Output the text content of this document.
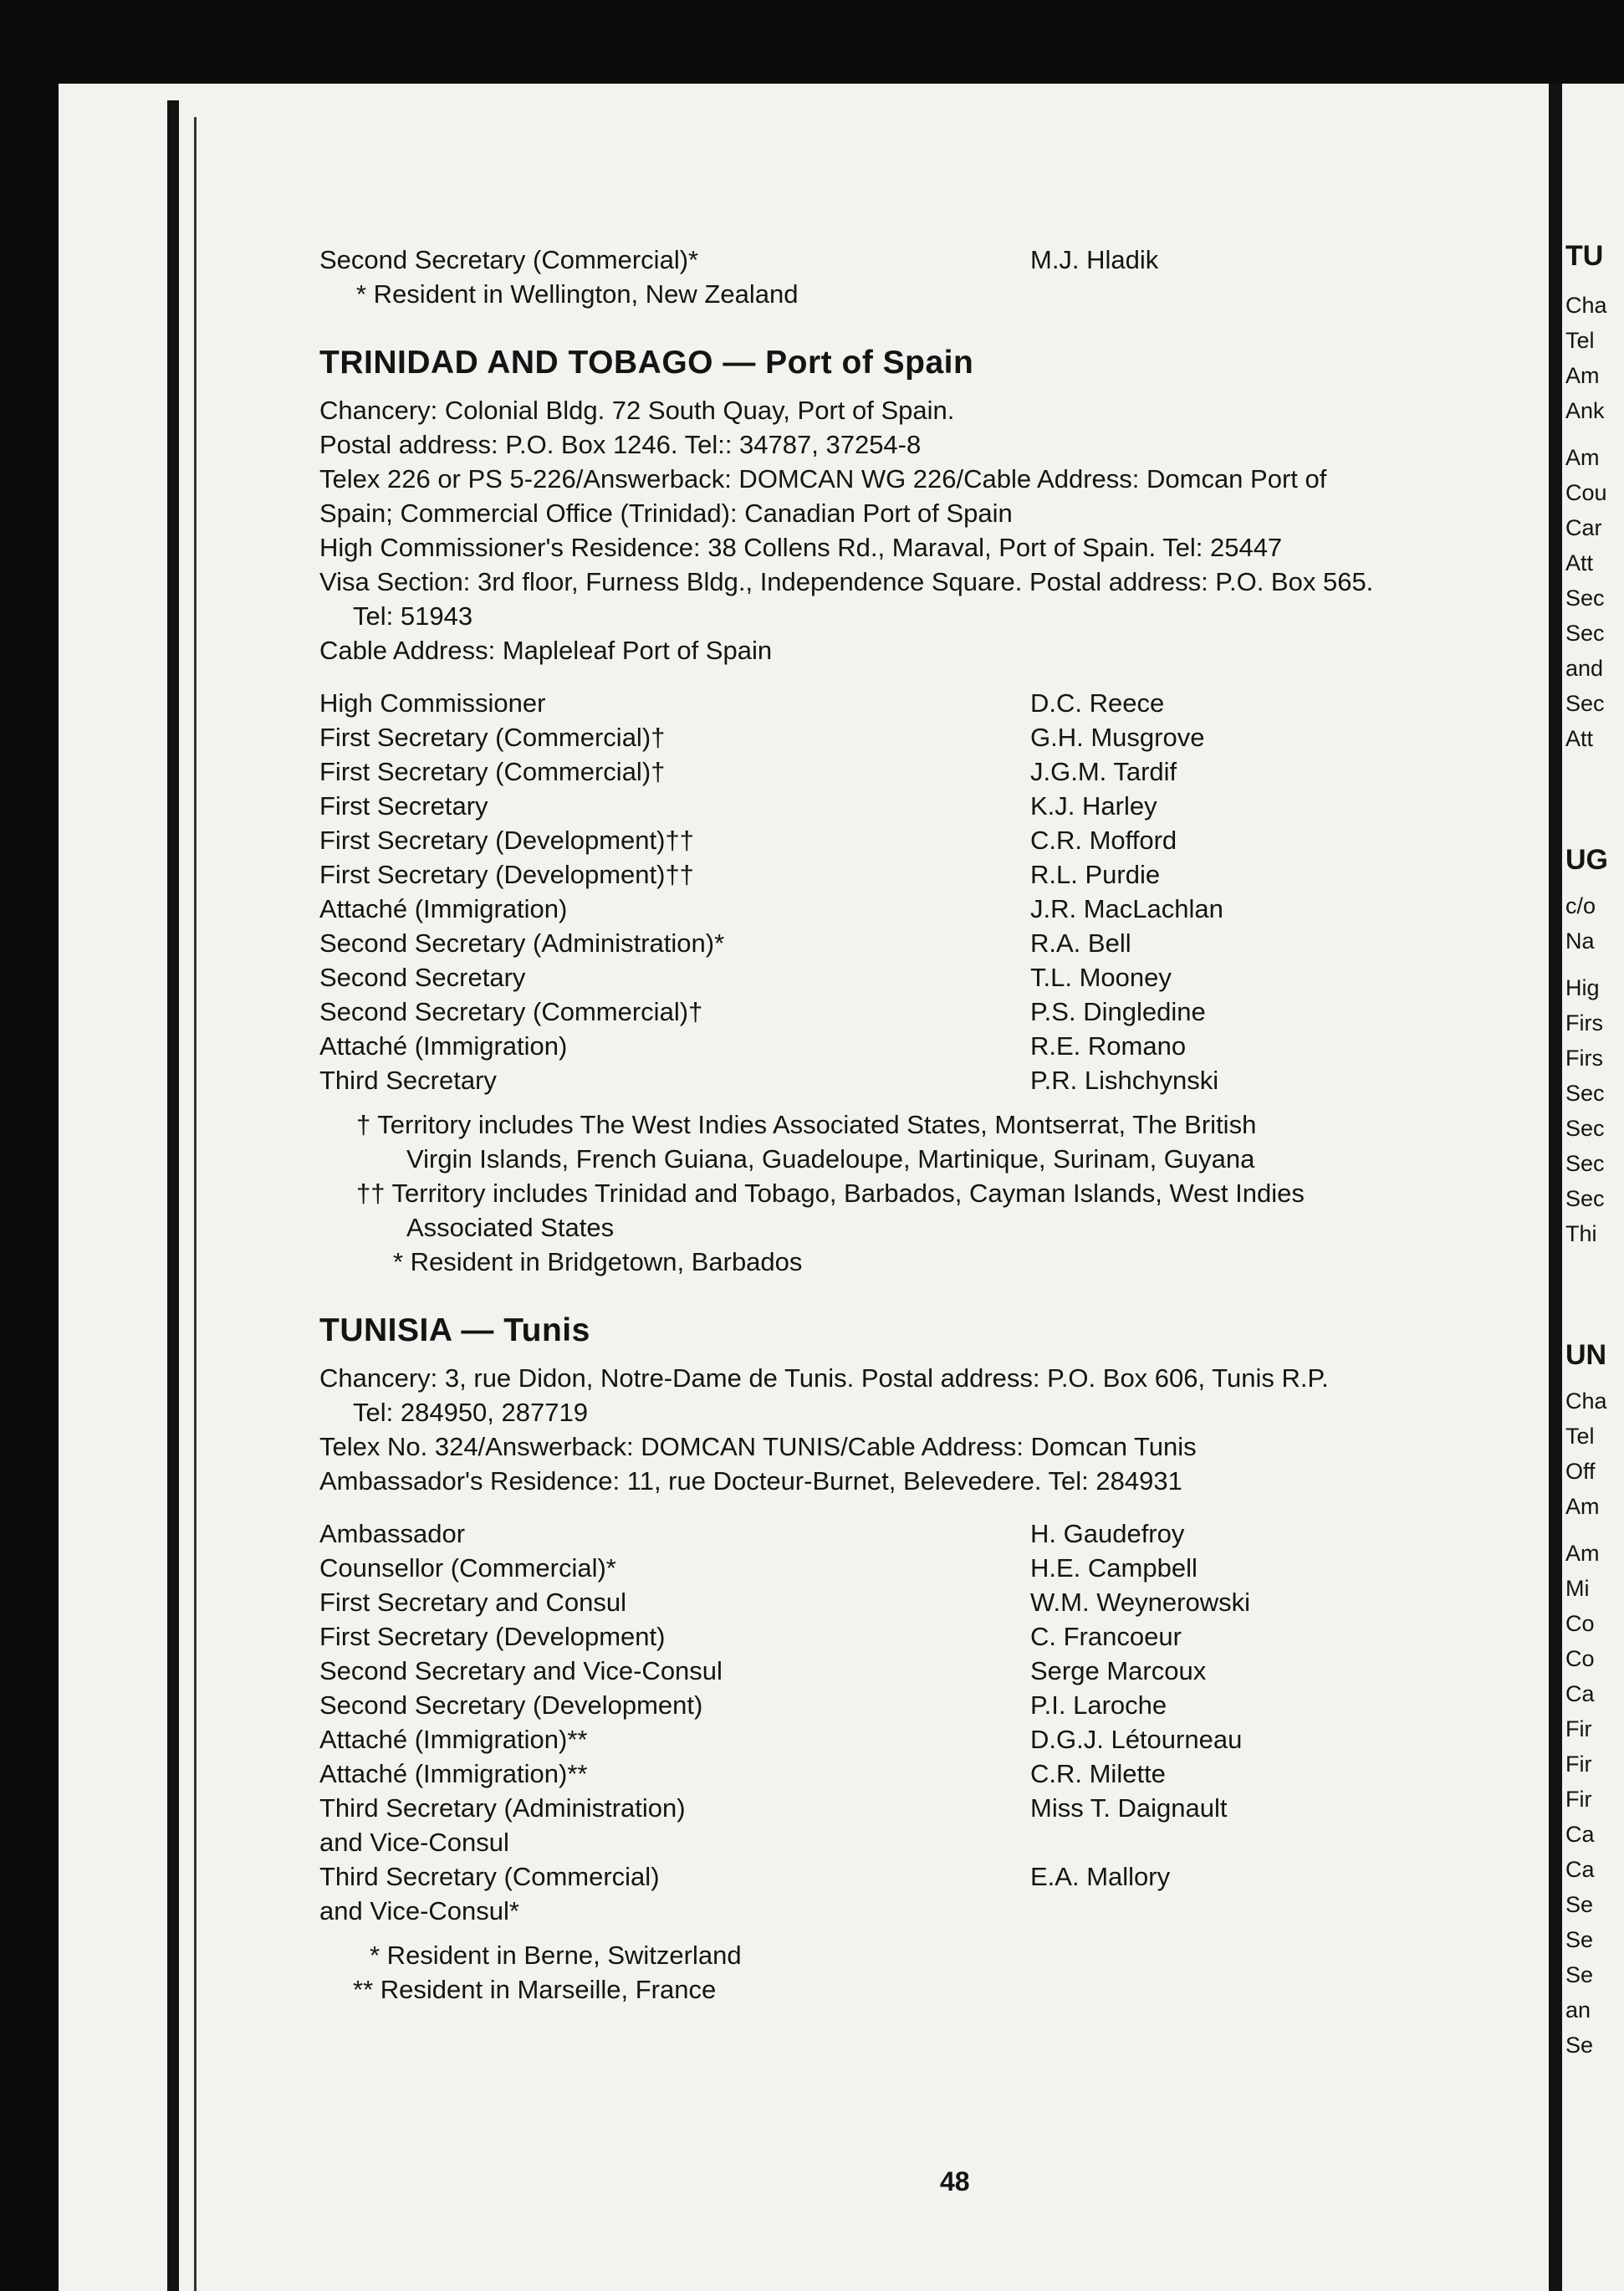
Second Secretary (Commercial)*	M.J. Hladik
* Resident in Wellington, New Zealand
TRINIDAD AND TOBAGO — Port of Spain
Chancery: Colonial Bldg. 72 South Quay, Port of Spain.
Postal address: P.O. Box 1246. Tel:: 34787, 37254-8
Telex 226 or PS 5-226/Answerback: DOMCAN WG 226/Cable Address: Domcan Port of
Spain; Commercial Office (Trinidad): Canadian Port of Spain
High Commissioner's Residence: 38 Collens Rd., Maraval, Port of Spain. Tel: 25447
Visa Section: 3rd floor, Furness Bldg., Independence Square. Postal address: P.O. Box 565.
Tel: 51943
Cable Address: Mapleleaf Port of Spain
High Commissioner	D.C. Reece
First Secretary (Commercial)†	G.H. Musgrove
First Secretary (Commercial)†	J.G.M. Tardif
First Secretary	K.J. Harley
First Secretary (Development)††	C.R. Mofford
First Secretary (Development)††	R.L. Purdie
Attaché (Immigration)	J.R. MacLachlan
Second Secretary (Administration)*	R.A. Bell
Second Secretary	T.L. Mooney
Second Secretary (Commercial)†	P.S. Dingledine
Attaché (Immigration)	R.E. Romano
Third Secretary	P.R. Lishchynski
† Territory includes The West Indies Associated States, Montserrat, The British
Virgin Islands, French Guiana, Guadeloupe, Martinique, Surinam, Guyana
†† Territory includes Trinidad and Tobago, Barbados, Cayman Islands, West Indies
Associated States
* Resident in Bridgetown, Barbados
TUNISIA — Tunis
Chancery: 3, rue Didon, Notre-Dame de Tunis. Postal address: P.O. Box 606, Tunis R.P.
Tel: 284950, 287719
Telex No. 324/Answerback: DOMCAN TUNIS/Cable Address: Domcan Tunis
Ambassador's Residence: 11, rue Docteur-Burnet, Belevedere. Tel: 284931
Ambassador	H. Gaudefroy
Counsellor (Commercial)*	H.E. Campbell
First Secretary and Consul	W.M. Weynerowski
First Secretary (Development)	C. Francoeur
Second Secretary and Vice-Consul	Serge Marcoux
Second Secretary (Development)	P.I. Laroche
Attaché (Immigration)**	D.G.J. Létourneau
Attaché (Immigration)**	C.R. Milette
Third Secretary (Administration)	Miss T. Daignault
and Vice-Consul
Third Secretary (Commercial)	E.A. Mallory
and Vice-Consul*
* Resident in Berne, Switzerland
** Resident in Marseille, France
TU
Cha
Tel
Am
Ank
Am
Cou
Car
Att
Sec
Sec
and
Sec
Att
UG
c/o
Na
Hig
Firs
Firs
Sec
Sec
Sec
Sec
Thi
UN
Cha
Tel
Off
Am
Am
Mi
Co
Co
Ca
Fir
Fir
Fir
Ca
Ca
Se
Se
Se
an
Se
48
